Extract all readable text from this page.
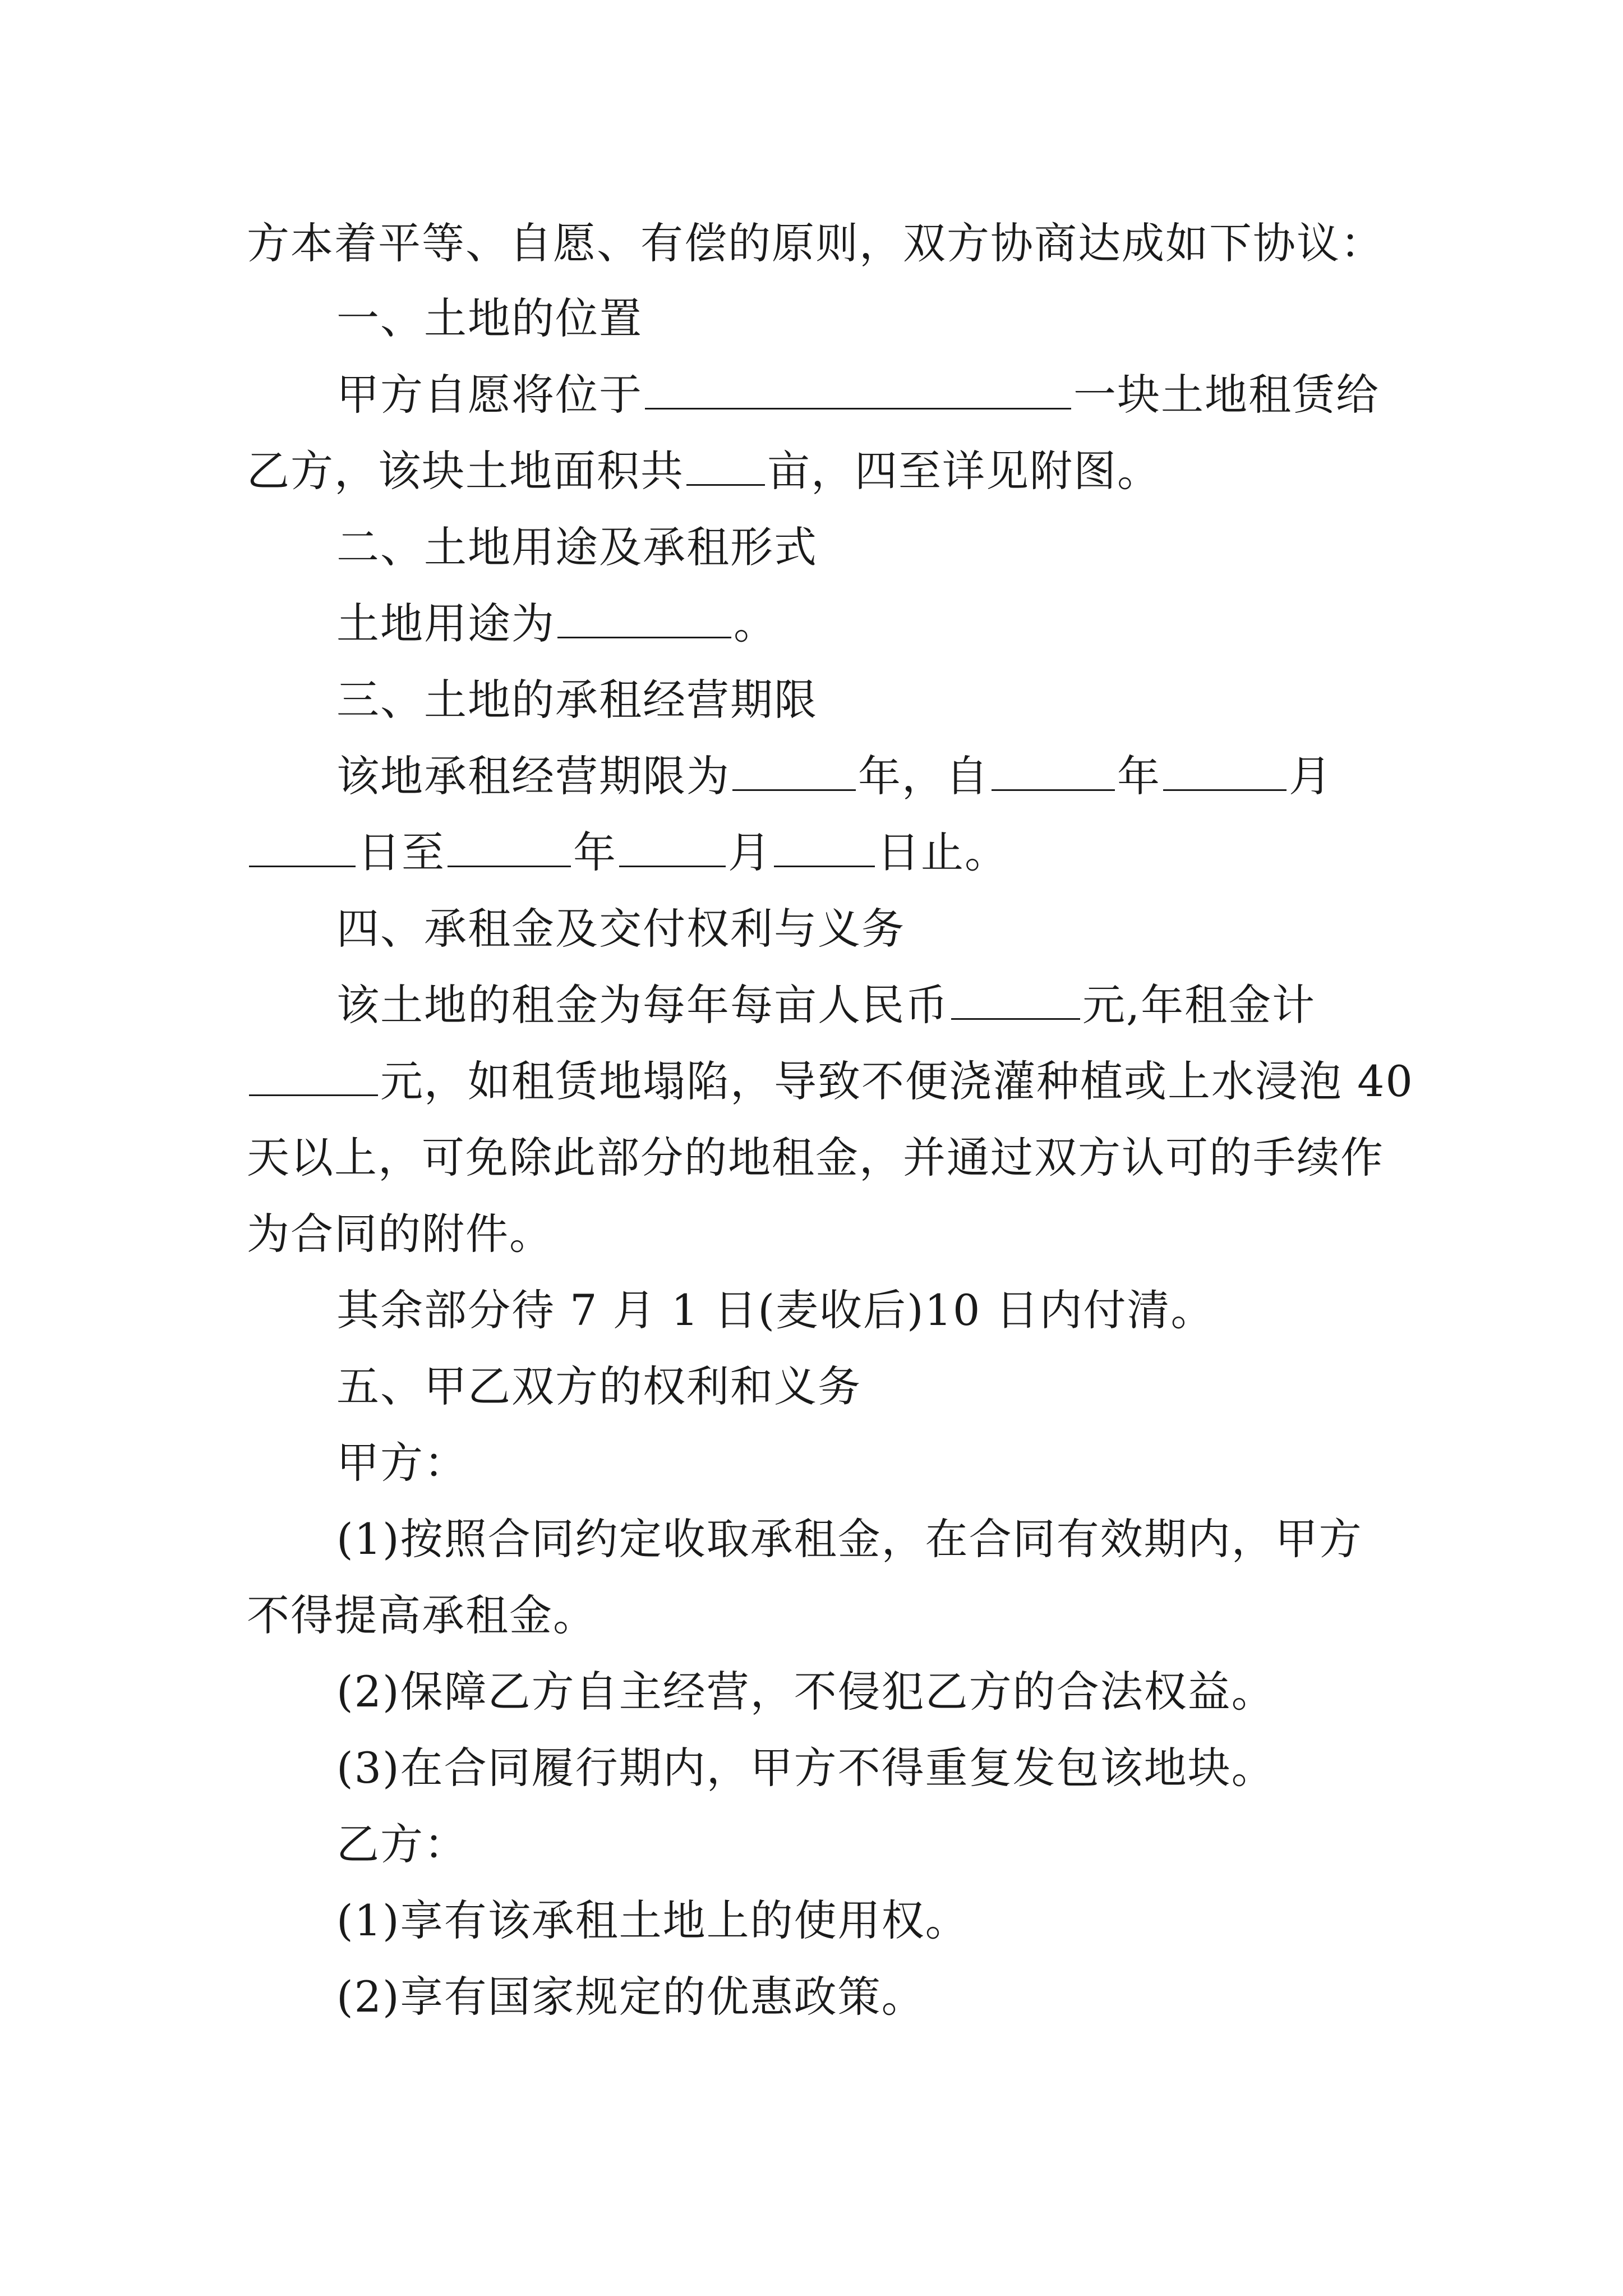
方本着平等、自愿、有偿的原则，双方协商达成如下协议：
一、土地的位置
甲方自愿将位于	一块土地租赁给
乙方，该块土地面积共 亩，四至详见附图。
二、土地用途及承租形式
土地用途为	。
三、土地的承租经营期限
该地承租经营期限为	年，自	年	月
日至	年	月 日止。
四、承租金及交付权利与义务
该土地的租金为每年每亩人民币	元,年租金计
元，如租赁地塌陷，导致不便浇灌种植或上水浸泡 40
天以上，可免除此部分的地租金，并通过双方认可的手续作
为合同的附件。
其余部分待 7 月 1 日(麦收后)10 日内付清。
五、甲乙双方的权利和义务
甲方：
(1)按照合同约定收取承租金，在合同有效期内，甲方
不得提高承租金。
(2)保障乙方自主经营，不侵犯乙方的合法权益。
(3)在合同履行期内，甲方不得重复发包该地块。
乙方：
(1)享有该承租土地上的使用权。
(2)享有国家规定的优惠政策。
